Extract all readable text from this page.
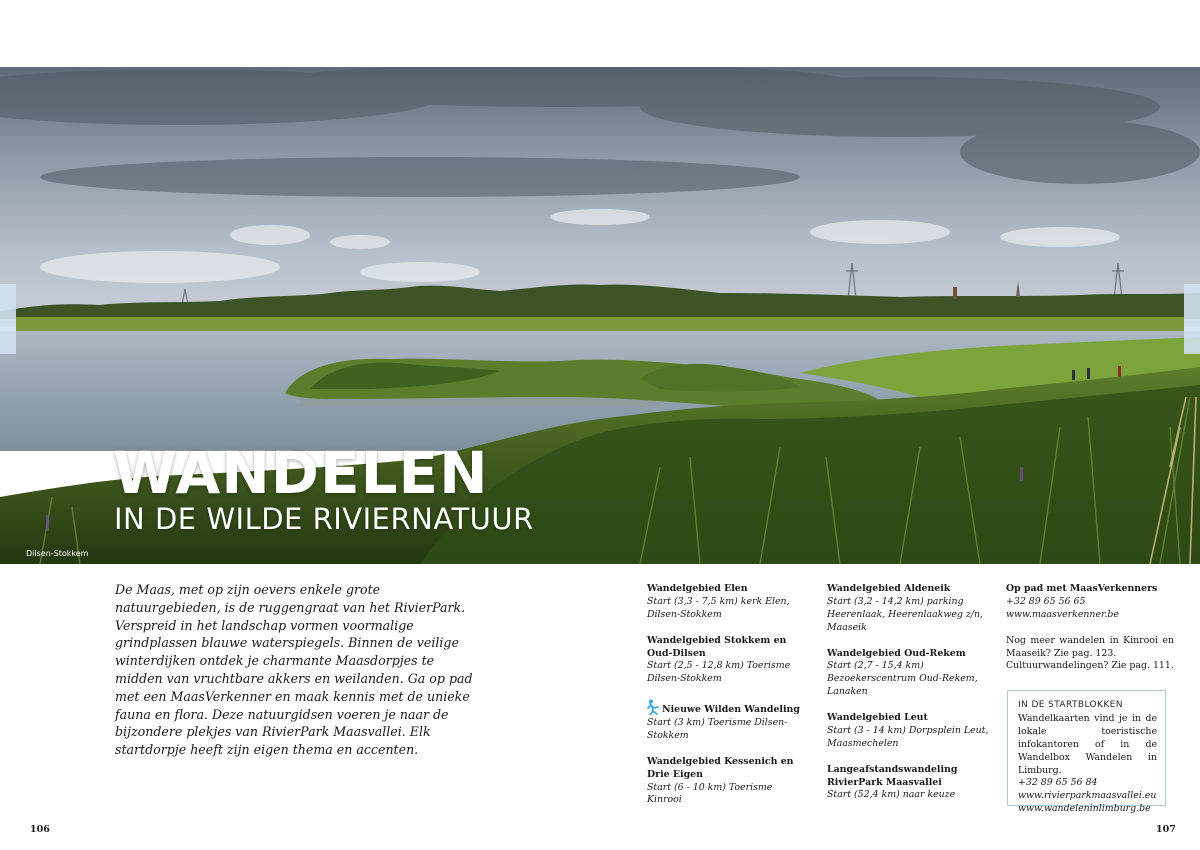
WANDELEN
IN DE WILDE RIVIERNATUUR
Dilsen-Stokkem

De Maas, met op zijn oevers enkele grote natuurgebieden, is de ruggengraat van het RivierPark. Verspreid in het landschap vormen voormalige grindplassen blauwe waterspiegels. Binnen de veilige winterdijken ontdek je charmante Maasdorpjes te midden van vruchtbare akkers en weilanden. Ga op pad met een MaasVerkenner en maak kennis met de unieke fauna en flora. Deze natuurgidsen voeren je naar de bijzondere plekjes van RivierPark Maasvallei. Elk startdorpje heeft zijn eigen thema en accenten.

Wandelgebied Elen
Start (3,3 - 7,5 km) kerk Elen, Dilsen-Stokkem
Wandelgebied Stokkem en Oud-Dilsen
Start (2,5 - 12,8 km) Toerisme Dilsen-Stokkem
Nieuwe Wilden Wandeling
Start (3 km) Toerisme Dilsen-Stokkem
Wandelgebied Kessenich en Drie Eigen
Start (6 - 10 km) Toerisme Kinrooi
Wandelgebied Aldeneik
Start (3,2 - 14,2 km) parking Heerenlaak, Heerenlaakweg z/n, Maaseik
Wandelgebied Oud-Rekem
Start (2,7 - 15,4 km) Bezoekerscentrum Oud-Rekem, Lanaken
Wandelgebied Leut
Start (3 - 14 km) Dorpsplein Leut, Maasmechelen
Langeafstandswandeling RivierPark Maasvallei
Start (52,4 km) naar keuze
Op pad met MaasVerkenners
+32 89 65 56 65
www.maasverkenner.be
Nog meer wandelen in Kinrooi en Maaseik? Zie pag. 123.
Cultuurwandelingen? Zie pag. 111.
IN DE STARTBLOKKEN
Wandelkaarten vind je in de lokale toeristische infokantoren of in de Wandelbox Wandelen in Limburg.
+32 89 65 56 84
www.rivierparkmaasvallei.eu
www.wandeleninlimburg.be
106	107
